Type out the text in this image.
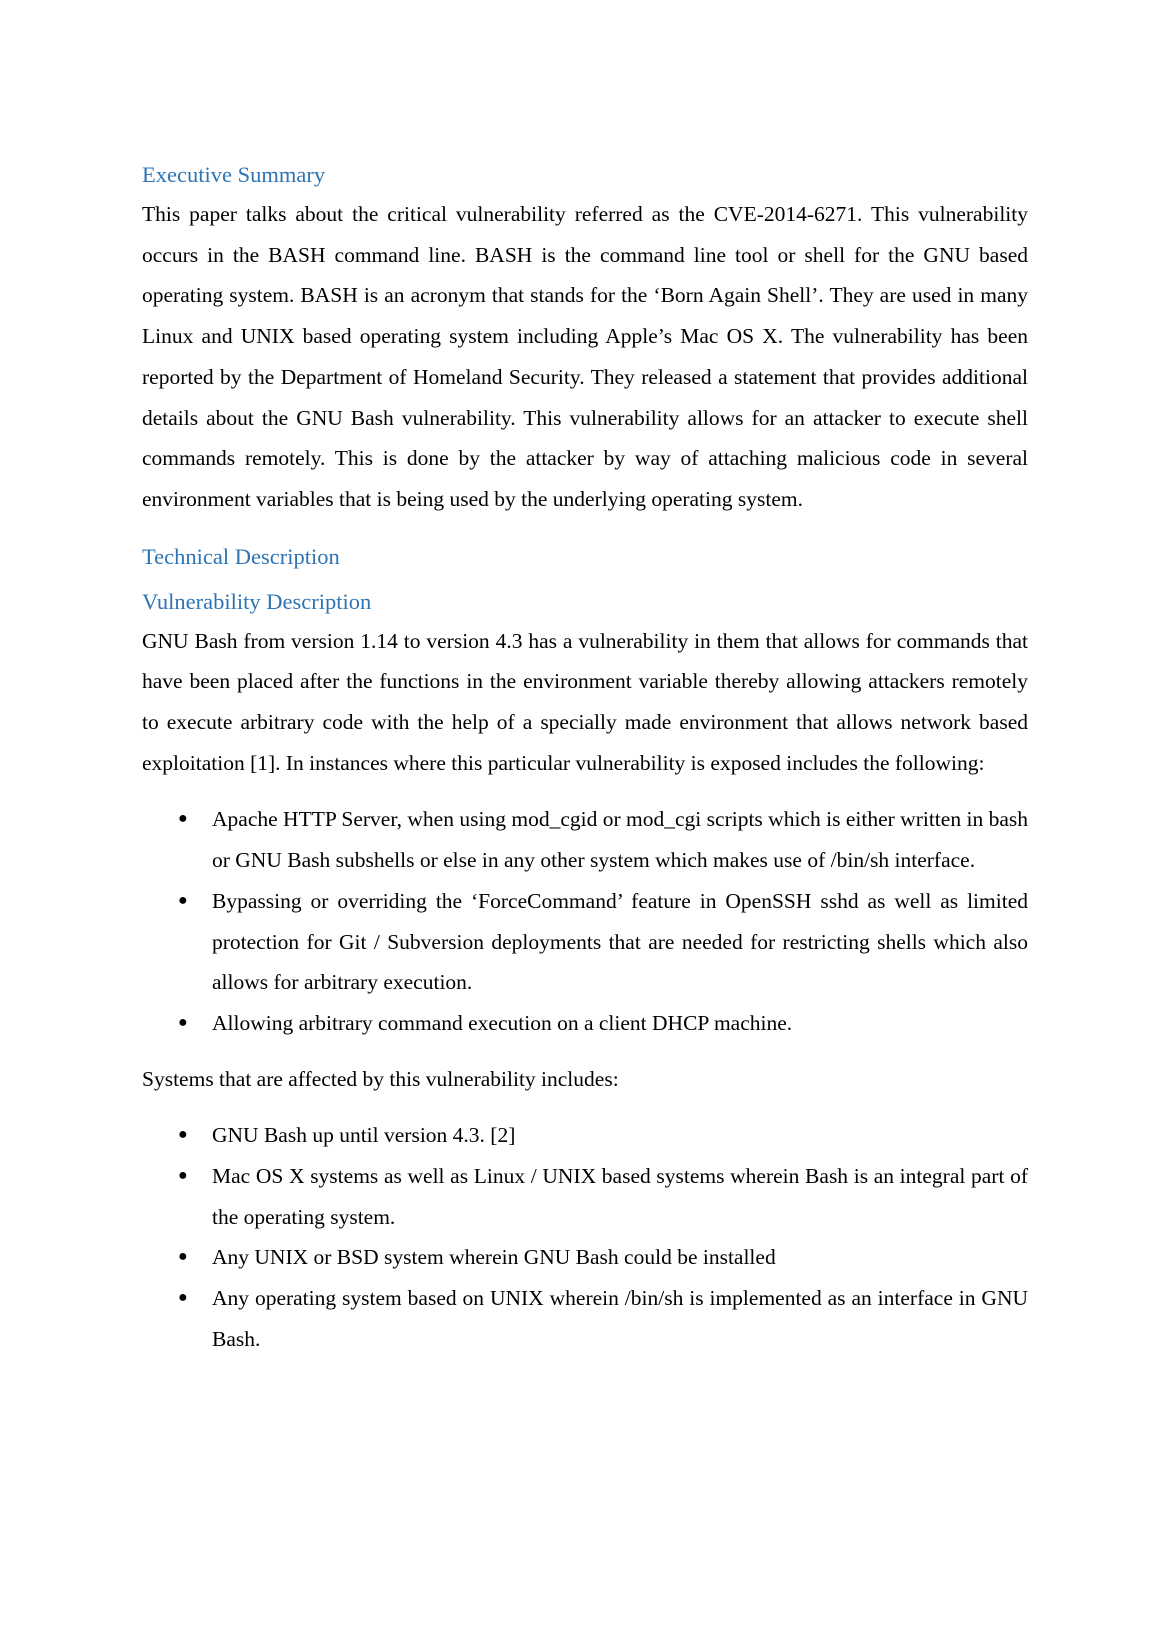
Executive Summary

This paper talks about the critical vulnerability referred as the CVE-2014-6271. This vulnerability occurs in the BASH command line. BASH is the command line tool or shell for the GNU based operating system. BASH is an acronym that stands for the ‘Born Again Shell’. They are used in many Linux and UNIX based operating system including Apple’s Mac OS X. The vulnerability has been reported by the Department of Homeland Security. They released a statement that provides additional details about the GNU Bash vulnerability. This vulnerability allows for an attacker to execute shell commands remotely. This is done by the attacker by way of attaching malicious code in several environment variables that is being used by the underlying operating system.

Technical Description
Vulnerability Description

GNU Bash from version 1.14 to version 4.3 has a vulnerability in them that allows for commands that have been placed after the functions in the environment variable thereby allowing attackers remotely to execute arbitrary code with the help of a specially made environment that allows network based exploitation [1]. In instances where this particular vulnerability is exposed includes the following:

● Apache HTTP Server, when using mod_cgid or mod_cgi scripts which is either written in bash or GNU Bash subshells or else in any other system which makes use of /bin/sh interface.
● Bypassing or overriding the ‘ForceCommand’ feature in OpenSSH sshd as well as limited protection for Git / Subversion deployments that are needed for restricting shells which also allows for arbitrary execution.
● Allowing arbitrary command execution on a client DHCP machine.

Systems that are affected by this vulnerability includes:

● GNU Bash up until version 4.3. [2]
● Mac OS X systems as well as Linux / UNIX based systems wherein Bash is an integral part of the operating system.
● Any UNIX or BSD system wherein GNU Bash could be installed
● Any operating system based on UNIX wherein /bin/sh is implemented as an interface in GNU Bash.
